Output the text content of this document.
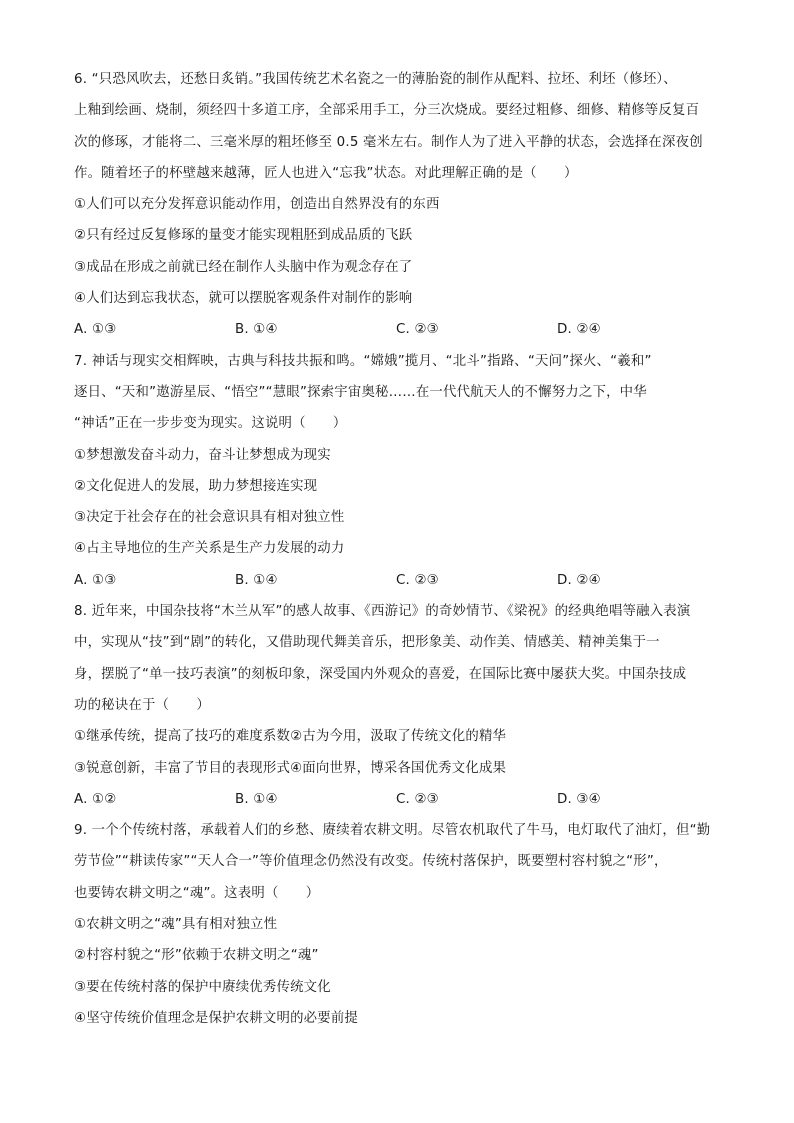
6. “只恐风吹去，还愁日炙销。”我国传统艺术名瓷之一的薄胎瓷的制作从配料、拉坯、利坯（修坯）、
上釉到绘画、烧制，须经四十多道工序，全部采用手工，分三次烧成。要经过粗修、细修、精修等反复百
次的修琢，才能将二、三毫米厚的粗坯修至 0.5 毫米左右。制作人为了进入平静的状态，会选择在深夜创
作。随着坯子的杯壁越来越薄，匠人也进入“忘我”状态。对此理解正确的是（　　）
①人们可以充分发挥意识能动作用，创造出自然界没有的东西
②只有经过反复修琢的量变才能实现粗胚到成品质的飞跃
③成品在形成之前就已经在制作人头脑中作为观念存在了
④人们达到忘我状态，就可以摆脱客观条件对制作的影响
A. ①③	B. ①④	C. ②③	D. ②④
7. 神话与现实交相辉映，古典与科技共振和鸣。“嫦娥”揽月、“北斗”指路、“天问”探火、“羲和”
逐日、“天和”遨游星辰、“悟空”“慧眼”探索宇宙奥秘……在一代代航天人的不懈努力之下，中华
“神话”正在一步步变为现实。这说明（　　）
①梦想激发奋斗动力，奋斗让梦想成为现实
②文化促进人的发展，助力梦想接连实现
③决定于社会存在的社会意识具有相对独立性
④占主导地位的生产关系是生产力发展的动力
A. ①③	B. ①④	C. ②③	D. ②④
8. 近年来，中国杂技将“木兰从军”的感人故事、《西游记》的奇妙情节、《梁祝》的经典绝唱等融入表演
中，实现从“技”到“剧”的转化，又借助现代舞美音乐，把形象美、动作美、情感美、精神美集于一
身，摆脱了“单一技巧表演”的刻板印象，深受国内外观众的喜爱，在国际比赛中屡获大奖。中国杂技成
功的秘诀在于（　　）
①继承传统，提高了技巧的难度系数②古为今用，汲取了传统文化的精华
③锐意创新，丰富了节目的表现形式④面向世界，博采各国优秀文化成果
A. ①②	B. ①④	C. ②③	D. ③④
9. 一个个传统村落，承载着人们的乡愁、赓续着农耕文明。尽管农机取代了牛马，电灯取代了油灯，但“勤
劳节俭”“耕读传家”“天人合一”等价值理念仍然没有改变。传统村落保护，既要塑村容村貌之“形”，
也要铸农耕文明之“魂”。这表明（　　）
①农耕文明之“魂”具有相对独立性
②村容村貌之“形”依赖于农耕文明之“魂”
③要在传统村落的保护中赓续优秀传统文化
④坚守传统价值理念是保护农耕文明的必要前提
